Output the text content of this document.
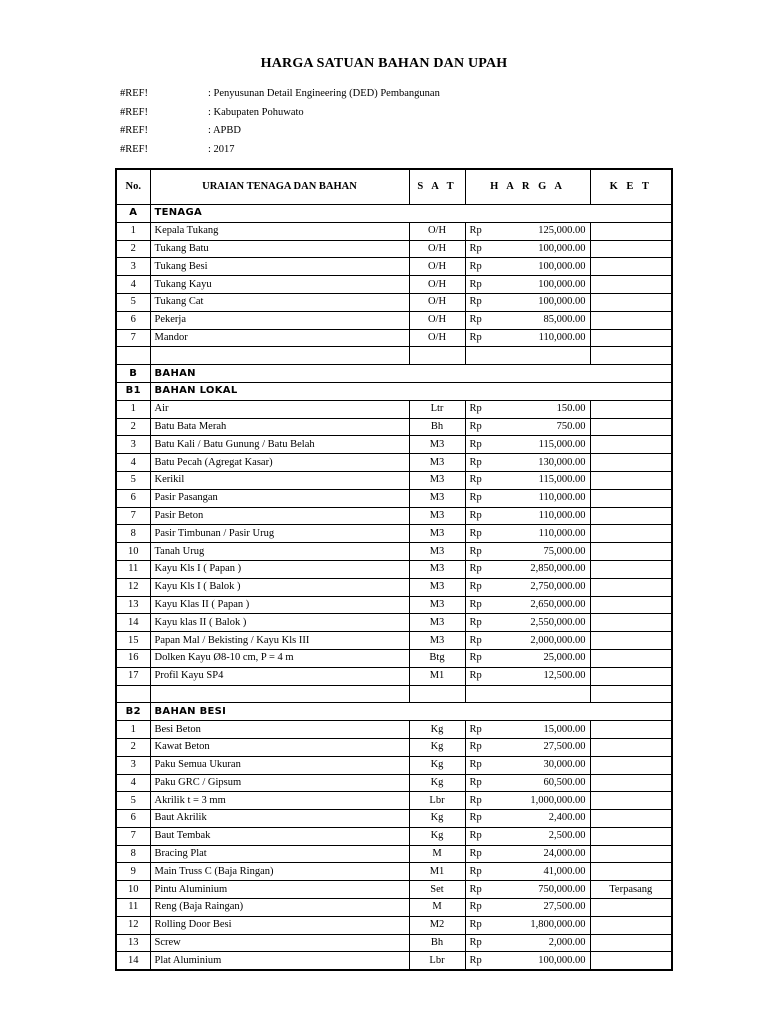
HARGA SATUAN BAHAN DAN UPAH
#REF!	: Penyusunan Detail Engineering (DED) Pembangunan
#REF!	: Kabupaten Pohuwato
#REF!	: APBD
#REF!	: 2017
No.	URAIAN TENAGA DAN BAHAN	S A T	H A R G A		K E T
A	TENAGA				
1	Kepala Tukang	O/H	Rp	125,000.00	
2	Tukang Batu	O/H	Rp	100,000.00	
3	Tukang Besi	O/H	Rp	100,000.00	
4	Tukang Kayu	O/H	Rp	100,000.00	
5	Tukang Cat	O/H	Rp	100,000.00	
6	Pekerja	O/H	Rp	85,000.00	
7	Mandor	O/H	Rp	110,000.00	

B	BAHAN				
B1	BAHAN LOKAL				
1	Air	Ltr	Rp	150.00	
2	Batu Bata Merah	Bh	Rp	750.00	
3	Batu Kali / Batu Gunung / Batu Belah	M3	Rp	115,000.00	
4	Batu Pecah (Agregat Kasar)	M3	Rp	130,000.00	
5	Kerikil	M3	Rp	115,000.00	
6	Pasir Pasangan	M3	Rp	110,000.00	
7	Pasir Beton	M3	Rp	110,000.00	
8	Pasir Timbunan / Pasir Urug	M3	Rp	110,000.00	
10	Tanah Urug	M3	Rp	75,000.00	
11	Kayu Kls I ( Papan )	M3	Rp	2,850,000.00	
12	Kayu Kls I ( Balok )	M3	Rp	2,750,000.00	
13	Kayu Klas II ( Papan )	M3	Rp	2,650,000.00	
14	Kayu klas II ( Balok )	M3	Rp	2,550,000.00	
15	Papan Mal / Bekisting / Kayu Kls III	M3	Rp	2,000,000.00	
16	Dolken Kayu Ø8-10 cm, P = 4 m	Btg	Rp	25,000.00	
17	Profil Kayu SP4	M1	Rp	12,500.00	

B2	BAHAN BESI				
1	Besi Beton	Kg	Rp	15,000.00	
2	Kawat Beton	Kg	Rp	27,500.00	
3	Paku Semua Ukuran	Kg	Rp	30,000.00	
4	Paku GRC / Gipsum	Kg	Rp	60,500.00	
5	Akrilik t = 3 mm	Lbr	Rp	1,000,000.00	
6	Baut Akrilik	Kg	Rp	2,400.00	
7	Baut Tembak	Kg	Rp	2,500.00	
8	Bracing Plat	M	Rp	24,000.00	
9	Main Truss C (Baja Ringan)	M1	Rp	41,000.00	
10	Pintu Aluminium	Set	Rp	750,000.00	Terpasang
11	Reng (Baja Raingan)	M	Rp	27,500.00	
12	Rolling Door Besi	M2	Rp	1,800,000.00	
13	Screw	Bh	Rp	2,000.00	
14	Plat Aluminium	Lbr	Rp	100,000.00	
